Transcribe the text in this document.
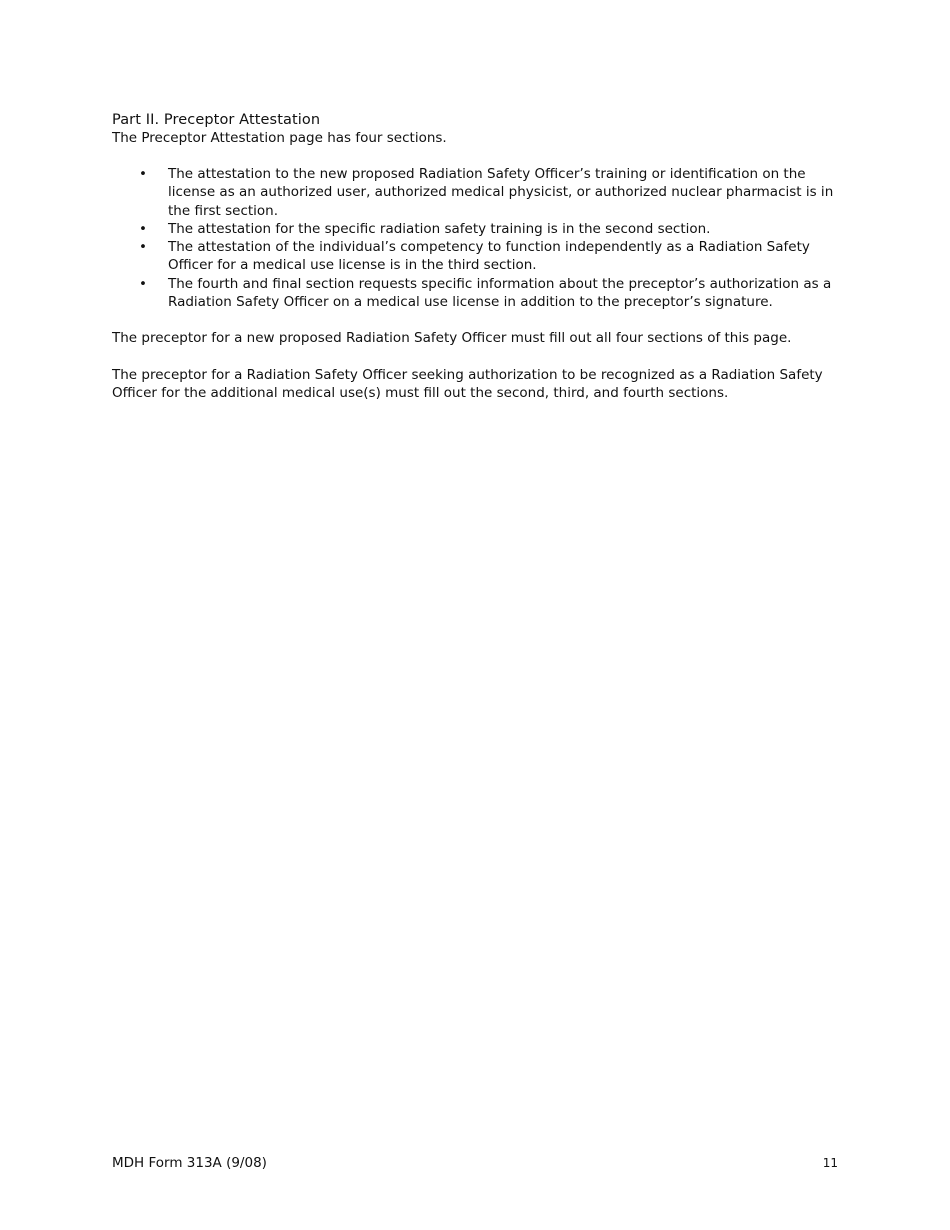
Part II. Preceptor Attestation

The Preceptor Attestation page has four sections.

• The attestation to the new proposed Radiation Safety Officer’s training or identification on the license as an authorized user, authorized medical physicist, or authorized nuclear pharmacist is in the first section.
• The attestation for the specific radiation safety training is in the second section.
• The attestation of the individual’s competency to function independently as a Radiation Safety Officer for a medical use license is in the third section.
• The fourth and final section requests specific information about the preceptor’s authorization as a Radiation Safety Officer on a medical use license in addition to the preceptor’s signature.

The preceptor for a new proposed Radiation Safety Officer must fill out all four sections of this page.

The preceptor for a Radiation Safety Officer seeking authorization to be recognized as a Radiation Safety Officer for the additional medical use(s) must fill out the second, third, and fourth sections.

MDH Form 313A (9/08)	11
